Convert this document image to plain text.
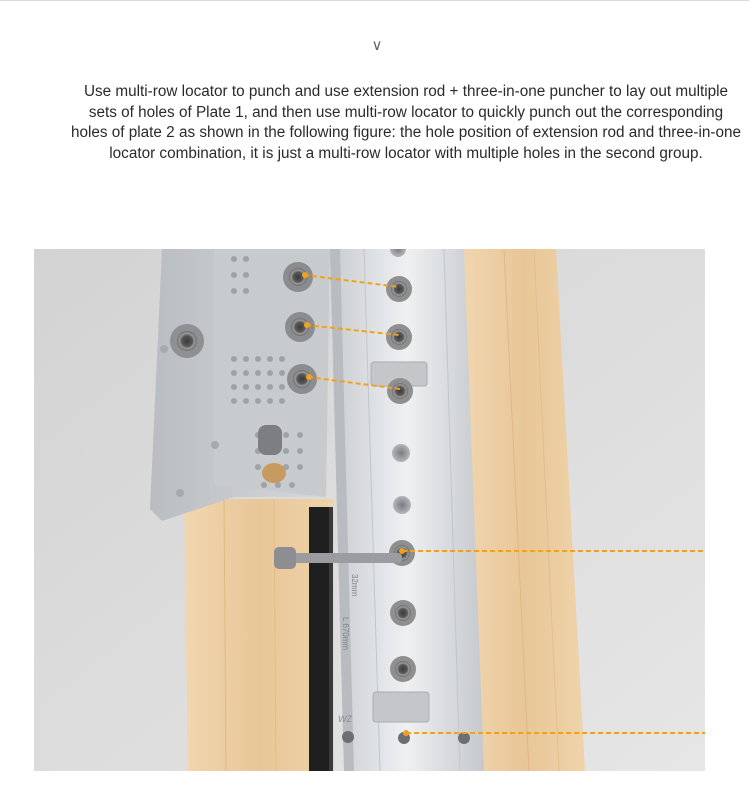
∨

Use multi-row locator to punch and use extension rod + three-in-one puncher to lay out multiple sets of holes of Plate 1, and then use multi-row locator to quickly punch out the corresponding holes of plate 2 as shown in the following figure: the hole position of extension rod and three-in-one locator combination, it is just a multi-row locator with multiple holes in the second group.

32mm
L 670mm
WZ
